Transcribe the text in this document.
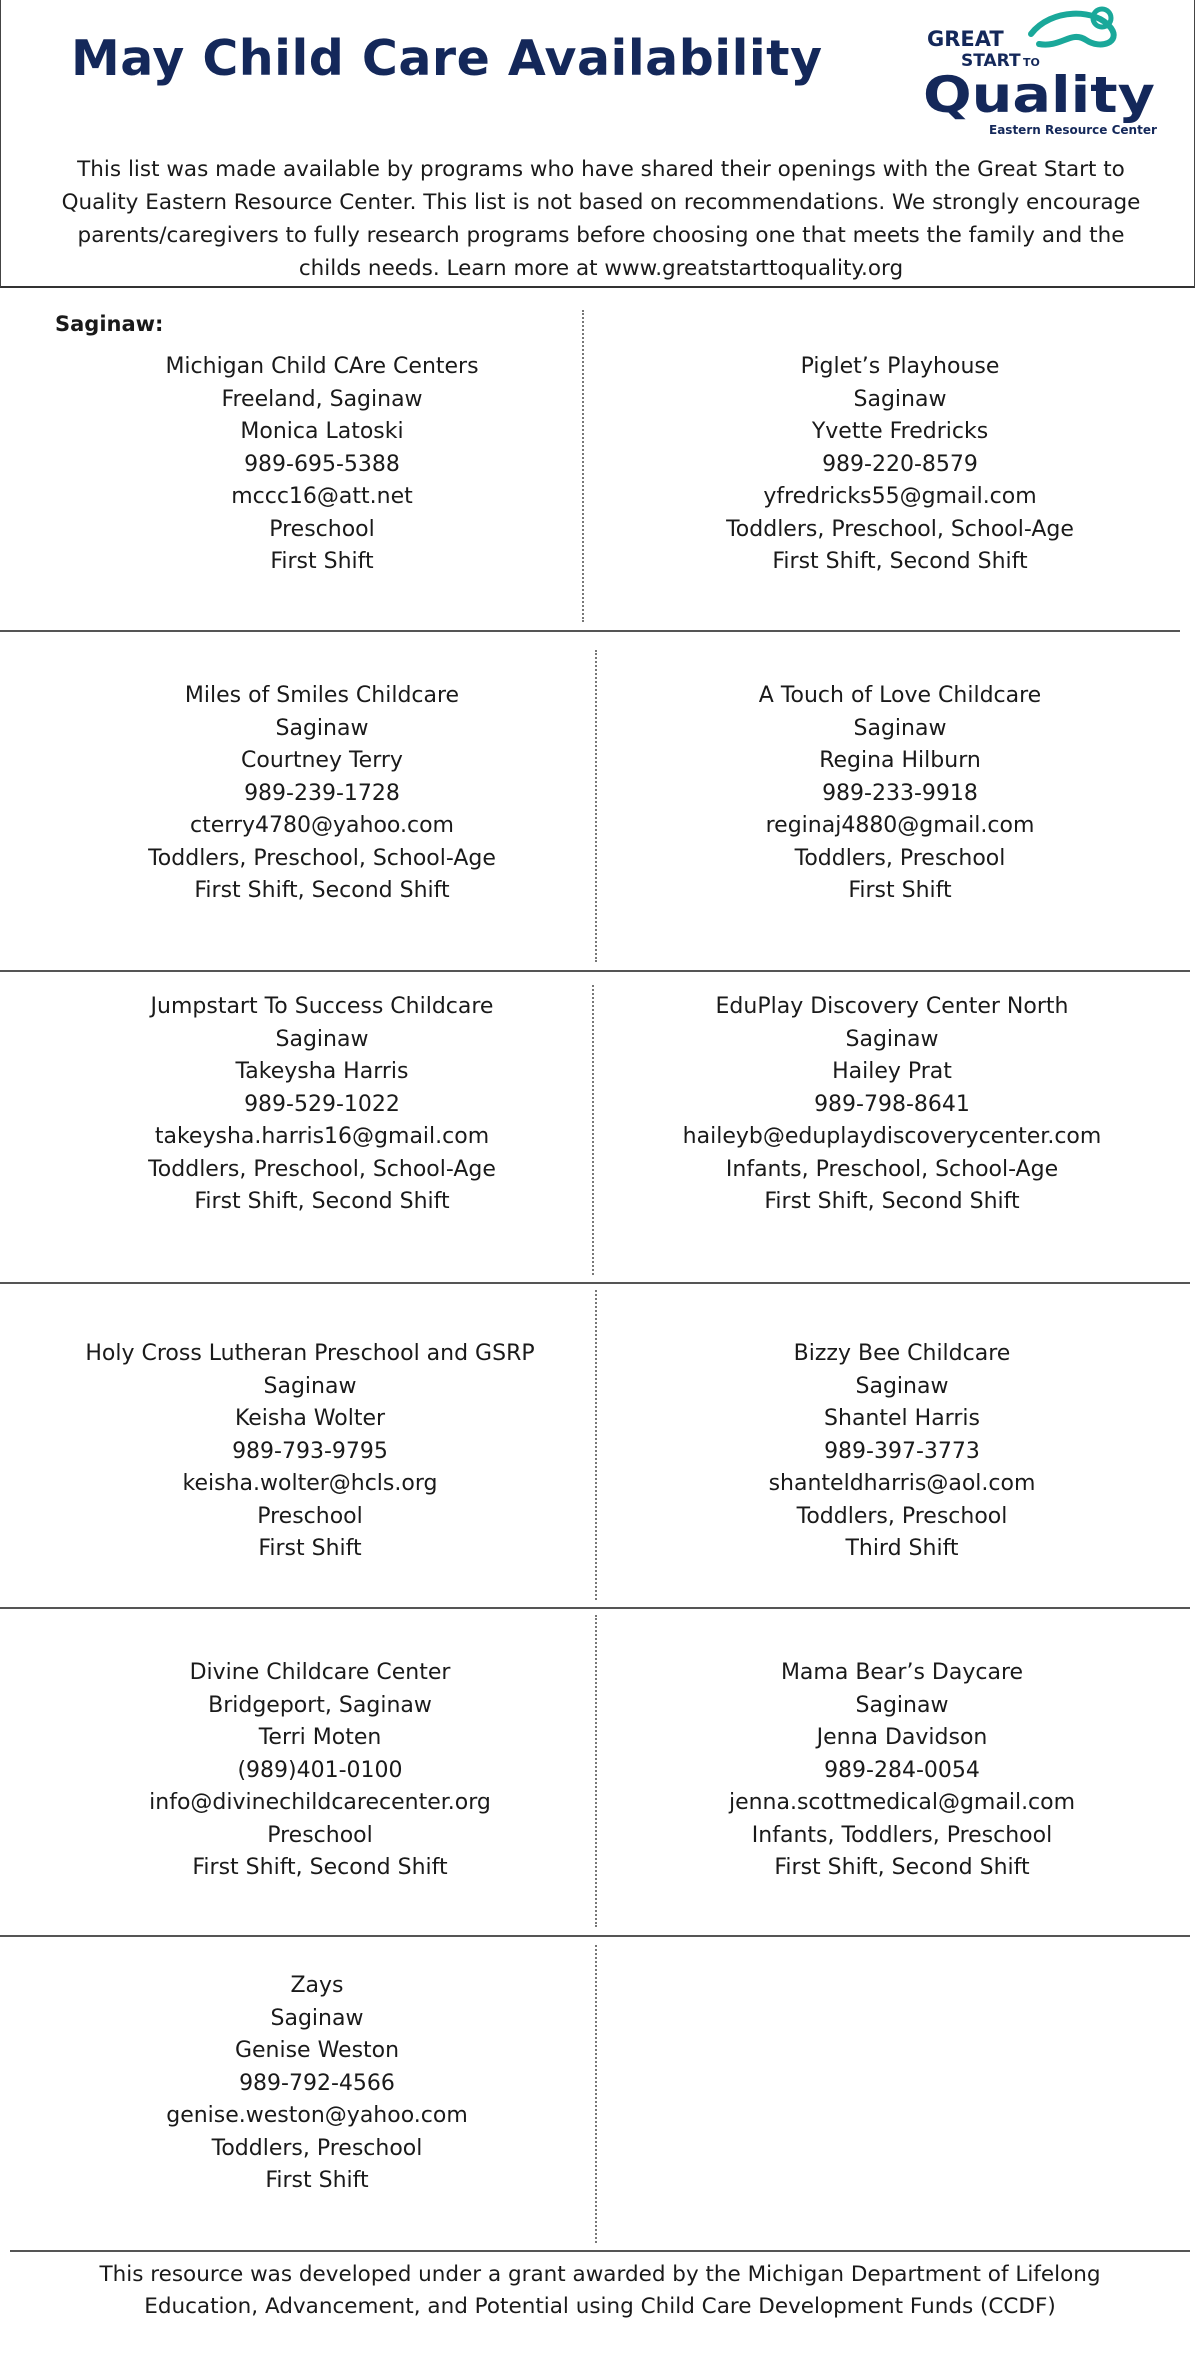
May Child Care Availability	GREAT
START TO
Quality
Eastern Resource Center

This list was made available by programs who have shared their openings with the Great Start to Quality Eastern Resource Center. This list is not based on recommendations. We strongly encourage parents/caregivers to fully research programs before choosing one that meets the family and the childs needs. Learn more at www.greatstarttoquality.org

Saginaw:
Michigan Child CAre Centers
Freeland, Saginaw
Monica Latoski
989-695-5388
mccc16@att.net
Preschool
First Shift
Piglet’s Playhouse
Saginaw
Yvette Fredricks
989-220-8579
yfredricks55@gmail.com
Toddlers, Preschool, School-Age
First Shift, Second Shift
Miles of Smiles Childcare
Saginaw
Courtney Terry
989-239-1728
cterry4780@yahoo.com
Toddlers, Preschool, School-Age
First Shift, Second Shift
A Touch of Love Childcare
Saginaw
Regina Hilburn
989-233-9918
reginaj4880@gmail.com
Toddlers, Preschool
First Shift
Jumpstart To Success Childcare
Saginaw
Takeysha Harris
989-529-1022
takeysha.harris16@gmail.com
Toddlers, Preschool, School-Age
First Shift, Second Shift
EduPlay Discovery Center North
Saginaw
Hailey Prat
989-798-8641
haileyb@eduplaydiscoverycenter.com
Infants, Preschool, School-Age
First Shift, Second Shift
Holy Cross Lutheran Preschool and GSRP
Saginaw
Keisha Wolter
989-793-9795
keisha.wolter@hcls.org
Preschool
First Shift
Bizzy Bee Childcare
Saginaw
Shantel Harris
989-397-3773
shanteldharris@aol.com
Toddlers, Preschool
Third Shift
Divine Childcare Center
Bridgeport, Saginaw
Terri Moten
(989)401-0100
info@divinechildcarecenter.org
Preschool
First Shift, Second Shift
Mama Bear’s Daycare
Saginaw
Jenna Davidson
989-284-0054
jenna.scottmedical@gmail.com
Infants, Toddlers, Preschool
First Shift, Second Shift
Zays
Saginaw
Genise Weston
989-792-4566
genise.weston@yahoo.com
Toddlers, Preschool
First Shift

This resource was developed under a grant awarded by the Michigan Department of Lifelong Education, Advancement, and Potential using Child Care Development Funds (CCDF)
